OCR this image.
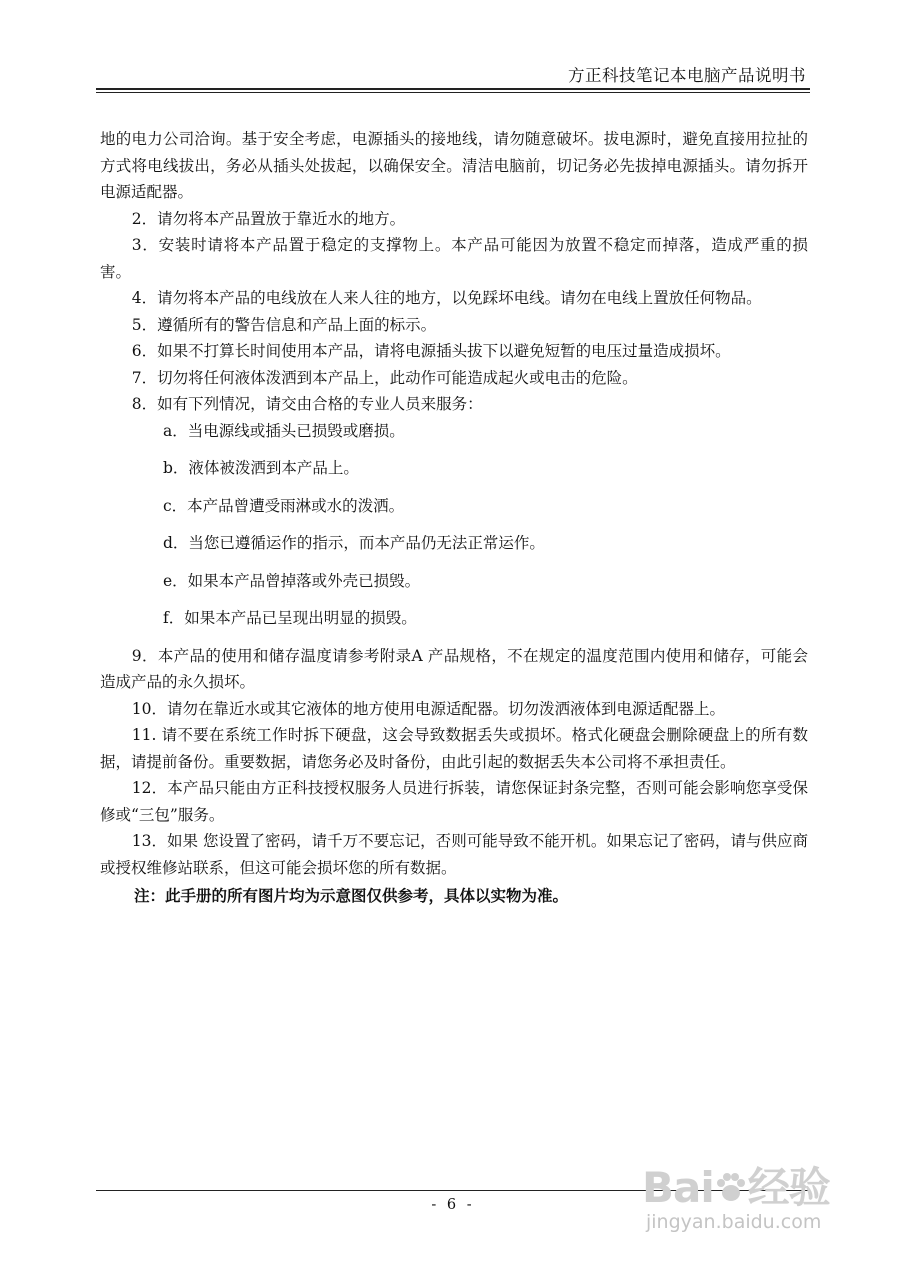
方正科技笔记本电脑产品说明书

地的电力公司洽询。基于安全考虑，电源插头的接地线，请勿随意破坏。拔电源时，避免直接用拉扯的方式将电线拔出，务必从插头处拔起，以确保安全。清洁电脑前，切记务必先拔掉电源插头。请勿拆开电源适配器。

2．请勿将本产品置放于靠近水的地方。

3．安装时请将本产品置于稳定的支撑物上。本产品可能因为放置不稳定而掉落，造成严重的损害。

4．请勿将本产品的电线放在人来人往的地方，以免踩坏电线。请勿在电线上置放任何物品。

5．遵循所有的警告信息和产品上面的标示。

6．如果不打算长时间使用本产品，请将电源插头拔下以避免短暂的电压过量造成损坏。

7．切勿将任何液体泼洒到本产品上，此动作可能造成起火或电击的危险。

8．如有下列情况，请交由合格的专业人员来服务：

a．当电源线或插头已损毁或磨损。

b．液体被泼洒到本产品上。

c．本产品曾遭受雨淋或水的泼洒。

d．当您已遵循运作的指示，而本产品仍无法正常运作。

e．如果本产品曾掉落或外壳已损毁。

f．如果本产品已呈现出明显的损毁。

9．本产品的使用和储存温度请参考附录A 产品规格，不在规定的温度范围内使用和储存，可能会造成产品的永久损坏。

10．请勿在靠近水或其它液体的地方使用电源适配器。切勿泼洒液体到电源适配器上。

11. 请不要在系统工作时拆下硬盘，这会导致数据丢失或损坏。格式化硬盘会删除硬盘上的所有数据，请提前备份。重要数据，请您务必及时备份，由此引起的数据丢失本公司将不承担责任。

12．本产品只能由方正科技授权服务人员进行拆装，请您保证封条完整，否则可能会影响您享受保修或“三包”服务。

13．如果 您设置了密码，请千万不要忘记，否则可能导致不能开机。如果忘记了密码，请与供应商或授权维修站联系，但这可能会损坏您的所有数据。

注：此手册的所有图片均为示意图仅供参考，具体以实物为准。

- 6 -	Bai 经验
jingyan.baidu.com
